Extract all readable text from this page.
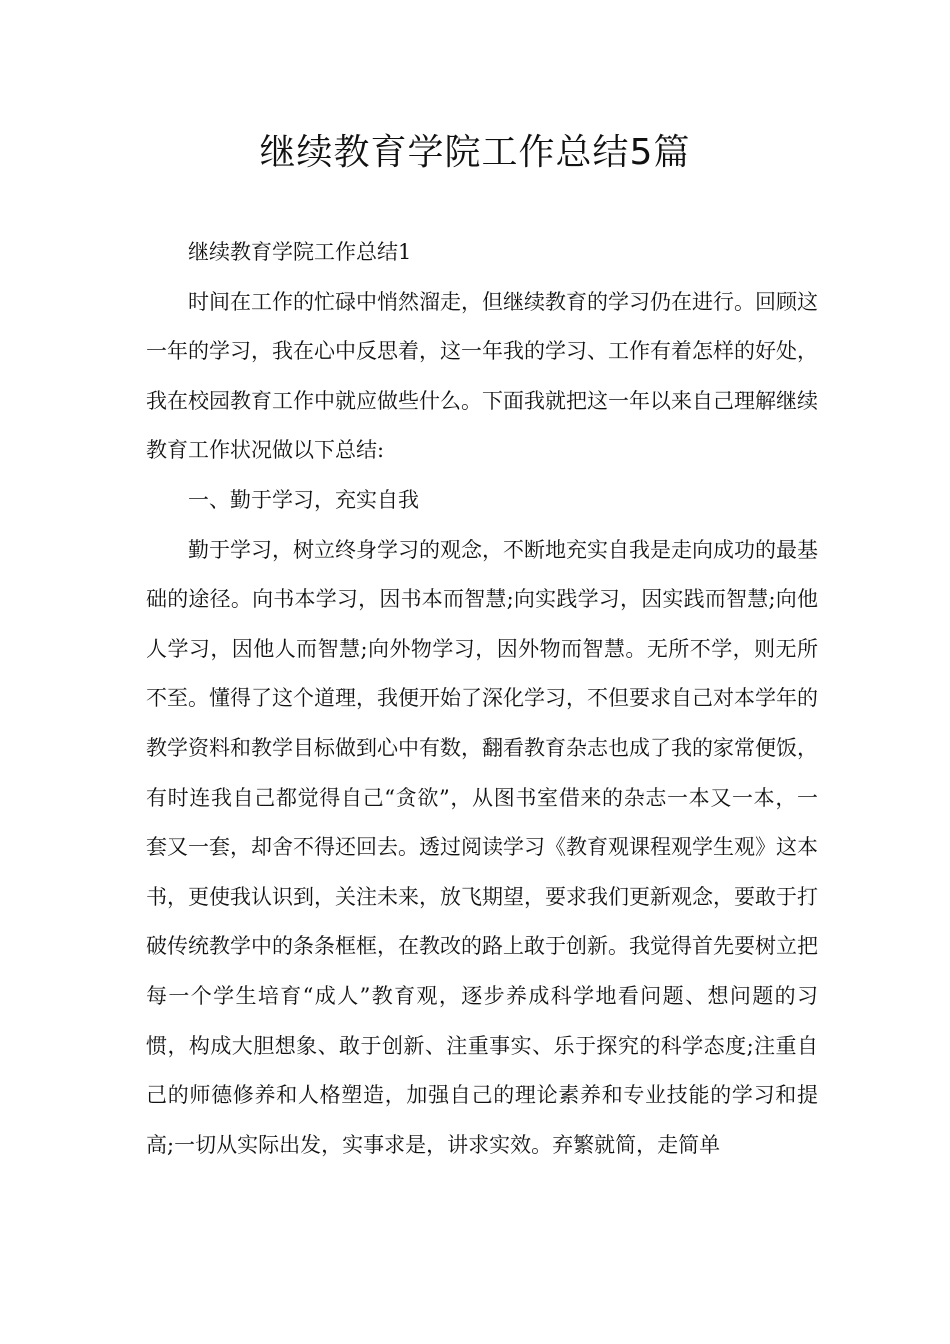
继续教育学院工作总结5篇

继续教育学院工作总结1

时间在工作的忙碌中悄然溜走，但继续教育的学习仍在进行。回顾这一年的学习，我在心中反思着，这一年我的学习、工作有着怎样的好处，我在校园教育工作中就应做些什么。下面我就把这一年以来自己理解继续教育工作状况做以下总结:

一、勤于学习，充实自我

勤于学习，树立终身学习的观念，不断地充实自我是走向成功的最基础的途径。向书本学习，因书本而智慧;向实践学习，因实践而智慧;向他人学习，因他人而智慧;向外物学习，因外物而智慧。无所不学，则无所不至。懂得了这个道理，我便开始了深化学习，不但要求自己对本学年的教学资料和教学目标做到心中有数，翻看教育杂志也成了我的家常便饭，有时连我自己都觉得自己“贪欲”，从图书室借来的杂志一本又一本，一套又一套，却舍不得还回去。透过阅读学习《教育观课程观学生观》这本书，更使我认识到，关注未来，放飞期望，要求我们更新观念，要敢于打破传统教学中的条条框框，在教改的路上敢于创新。我觉得首先要树立把每一个学生培育“成人”教育观，逐步养成科学地看问题、想问题的习惯，构成大胆想象、敢于创新、注重事实、乐于探究的科学态度;注重自己的师德修养和人格塑造，加强自己的理论素养和专业技能的学习和提高;一切从实际出发，实事求是，讲求实效。弃繁就简，走简单
